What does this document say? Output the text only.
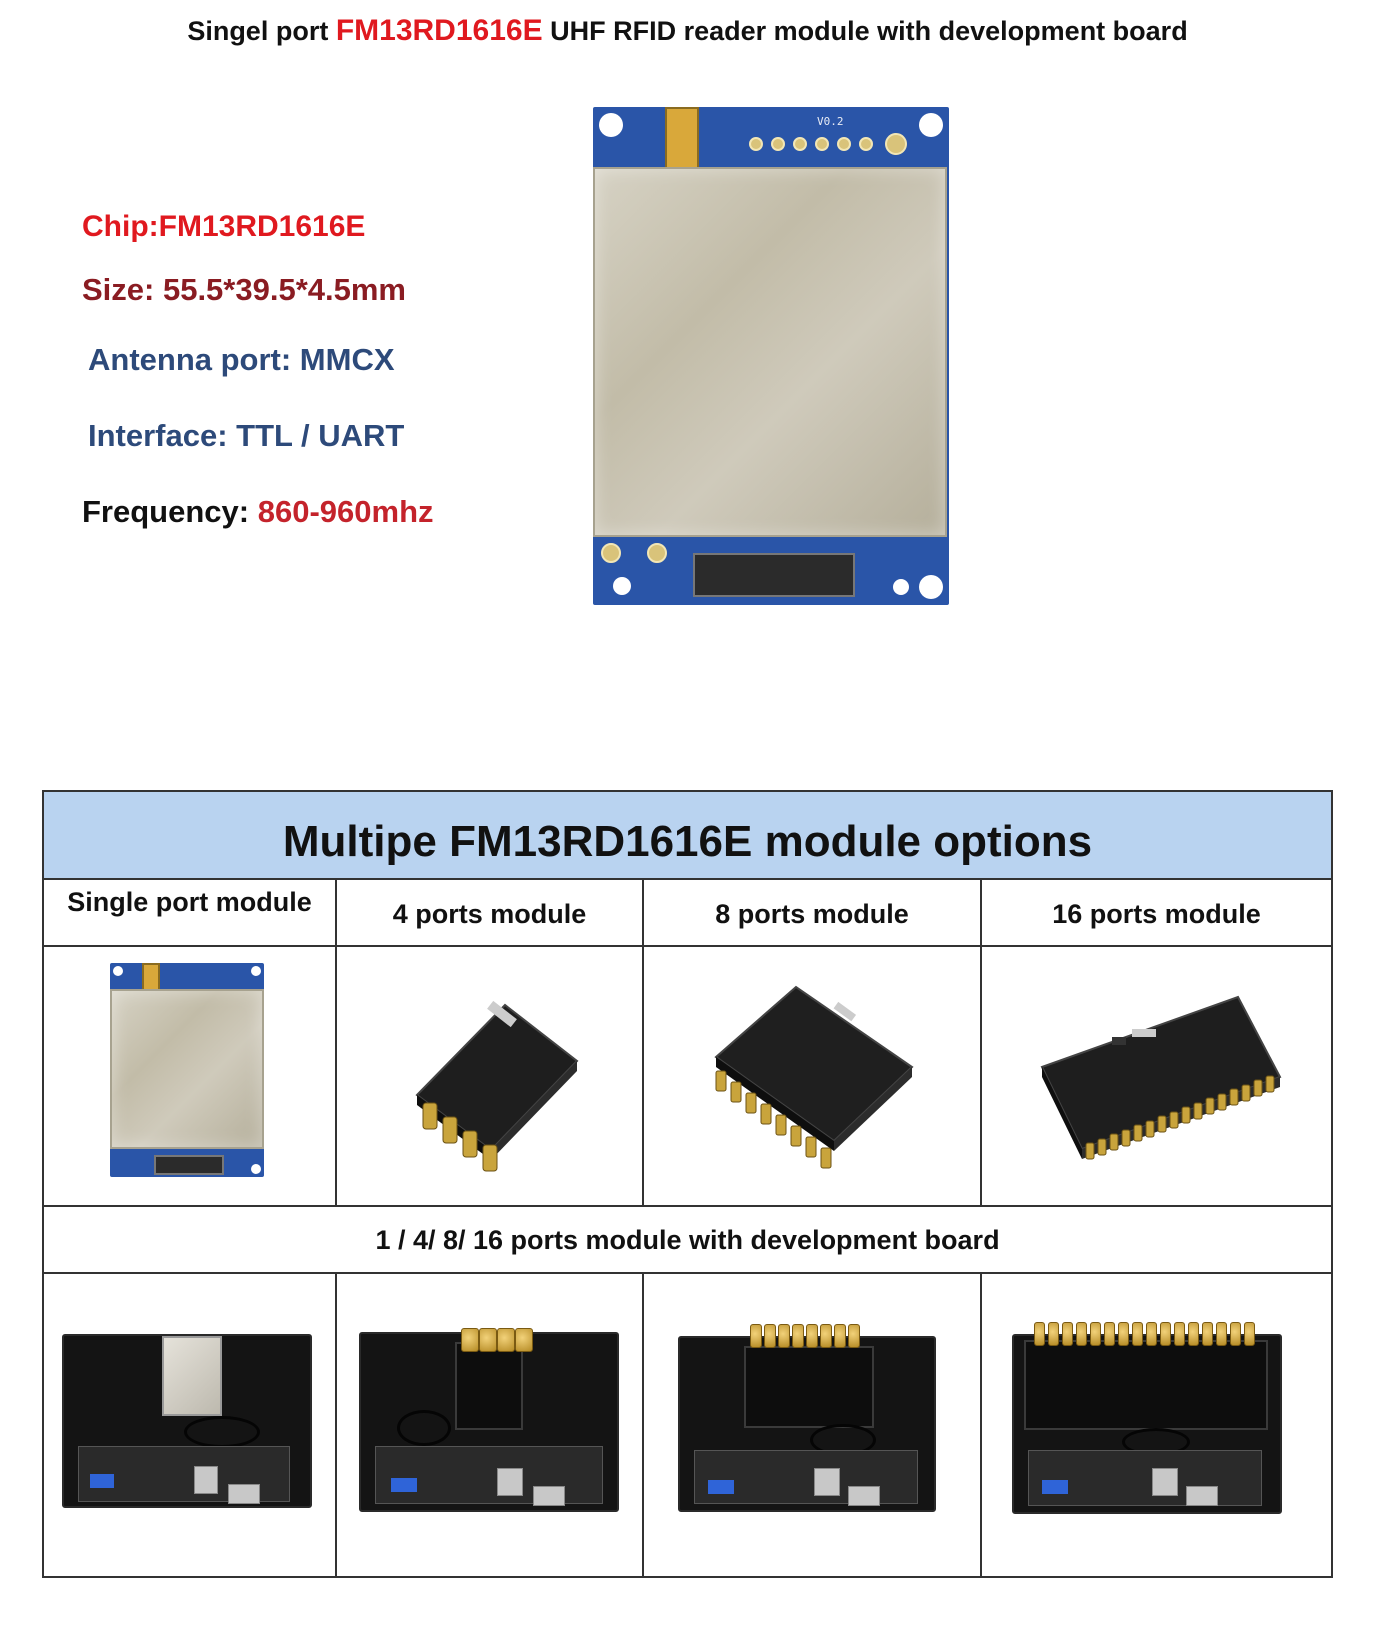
Singel port FM13RD1616E UHF RFID reader module with development board
Chip:FM13RD1616E
Size: 55.5*39.5*4.5mm
Antenna port: MMCX
Interface: TTL / UART
Frequency: 860-960mhz
V0.2
Multipe FM13RD1616E module options
Single port module	4 ports module	8 ports module	16 ports module
1 / 4/ 8/ 16 ports module with development board
